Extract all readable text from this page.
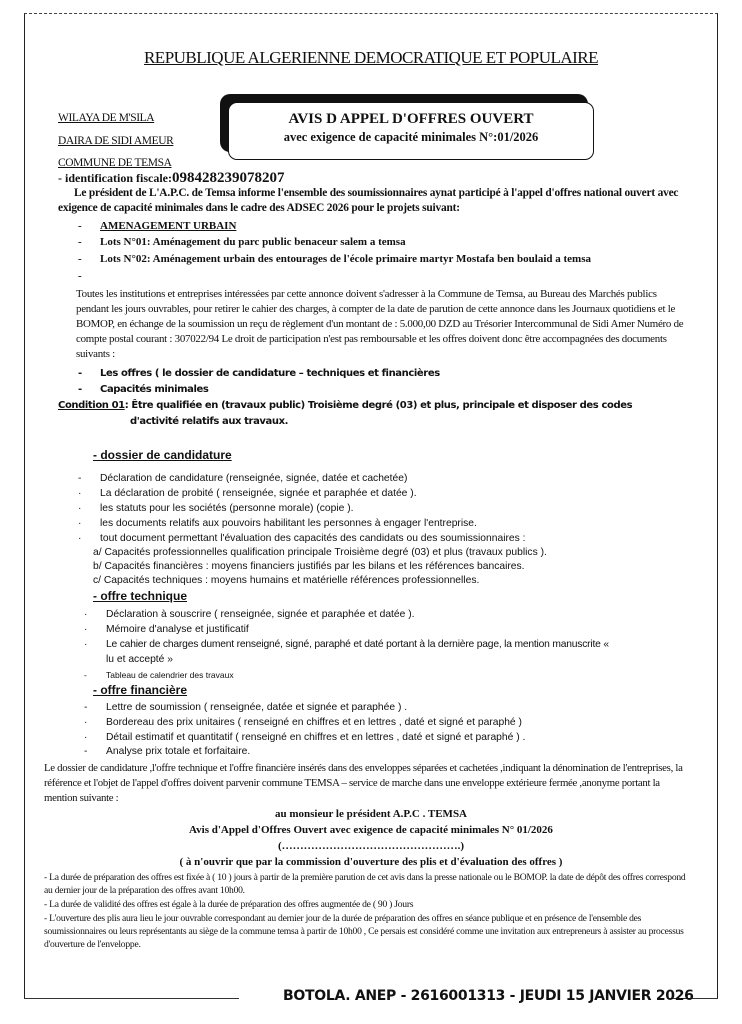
REPUBLIQUE ALGERIENNE DEMOCRATIQUE ET POPULAIRE
WILAYA DE M'SILA
DAIRA DE SIDI AMEUR
COMMUNE DE TEMSA
AVIS D APPEL D'OFFRES OUVERT
avec exigence de capacité minimales N°:01/2026
- identification fiscale:098428239078207
Le président de L'A.P.C. de Temsa informe l'ensemble des soumissionnaires aynat participé à l'appel d'offres national ouvert avec exigence de capacité minimales dans le cadre des ADSEC 2026 pour le projets suivant:
- AMENAGEMENT URBAIN
- Lots N°01: Aménagement du parc public benaceur salem a temsa
- Lots N°02: Aménagement urbain des entourages de l'école primaire martyr Mostafa ben boulaid a temsa
-
Toutes les institutions et entreprises intéressées par cette annonce doivent s'adresser à la Commune de Temsa, au Bureau des Marchés publics pendant les jours ouvrables, pour retirer le cahier des charges, à compter de la date de parution de cette annonce dans les Journaux quotidiens et le BOMOP, en échange de la soumission un reçu de règlement d'un montant de : 5.000,00 DZD au Trésorier Intercommunal de Sidi Amer Numéro de compte postal courant : 307022/94 Le droit de participation n'est pas remboursable et les offres doivent donc être accompagnées des documents suivants :
- Les offres ( le dossier de candidature – techniques et financières
- Capacités minimales
Condition 01: Être qualifiée en (travaux public) Troisième degré (03) et plus, principale et disposer des codes
d'activité relatifs aux travaux.
- dossier de candidature
- Déclaration de candidature (renseignée, signée, datée et cachetée)
· La déclaration de probité ( renseignée, signée et paraphée et datée ).
· les statuts pour les sociétés (personne morale) (copie ).
· les documents relatifs aux pouvoirs habilitant les personnes à engager l'entreprise.
· tout document permettant l'évaluation des capacités des candidats ou des soumissionnaires :
a/ Capacités professionnelles qualification principale Troisième degré (03) et plus (travaux publics ).
b/ Capacités financières : moyens financiers justifiés par les bilans et les références bancaires.
c/ Capacités techniques : moyens humains et matérielle références professionnelles.
- offre technique
· Déclaration à souscrire ( renseignée, signée et paraphée et datée ).
· Mémoire d'analyse et justificatif
· Le cahier de charges dument renseigné, signé, paraphé et daté portant à la dernière page, la mention manuscrite «
lu et accepté »
- Tableau de calendrier des travaux
- offre financière
- Lettre de soumission ( renseignée, datée et signée et paraphée ) .
· Bordereau des prix unitaires ( renseigné en chiffres et en lettres , daté et signé et paraphé )
· Détail estimatif et quantitatif ( renseigné en chiffres et en lettres , daté et signé et paraphé ) .
- Analyse prix totale et forfaitaire.
Le dossier de candidature ,l'offre technique et l'offre financière insérés dans des enveloppes séparées et cachetées ,indiquant la dénomination de l'entreprises, la référence et l'objet de l'appel d'offres doivent parvenir commune TEMSA – service de marche dans une enveloppe extérieure fermée ,anonyme portant la mention suivante :
au monsieur le président A.P.C . TEMSA
Avis d'Appel d'Offres Ouvert avec exigence de capacité minimales N° 01/2026
(………………………………………….)
( à n'ouvrir que par la commission d'ouverture des plis et d'évaluation des offres )
- La durée de préparation des offres est fixée à ( 10 ) jours à partir de la première parution de cet avis dans la presse nationale ou le BOMOP. la date de dépôt des offres correspond au dernier jour de la préparation des offres avant 10h00.
- La durée de validité des offres est égale à la durée de préparation des offres augmentée de ( 90 ) Jours
- L'ouverture des plis aura lieu le jour ouvrable correspondant au dernier jour de la durée de préparation des offres en séance publique et en présence de l'ensemble des soumissionnaires ou leurs représentants au siège de la commune temsa à partir de 10h00 , Ce persais est considéré comme une invitation aux entrepreneurs à assister au processus d'ouverture de l'enveloppe.
BOTOLA. ANEP - 2616001313 - JEUDI 15 JANVIER 2026
